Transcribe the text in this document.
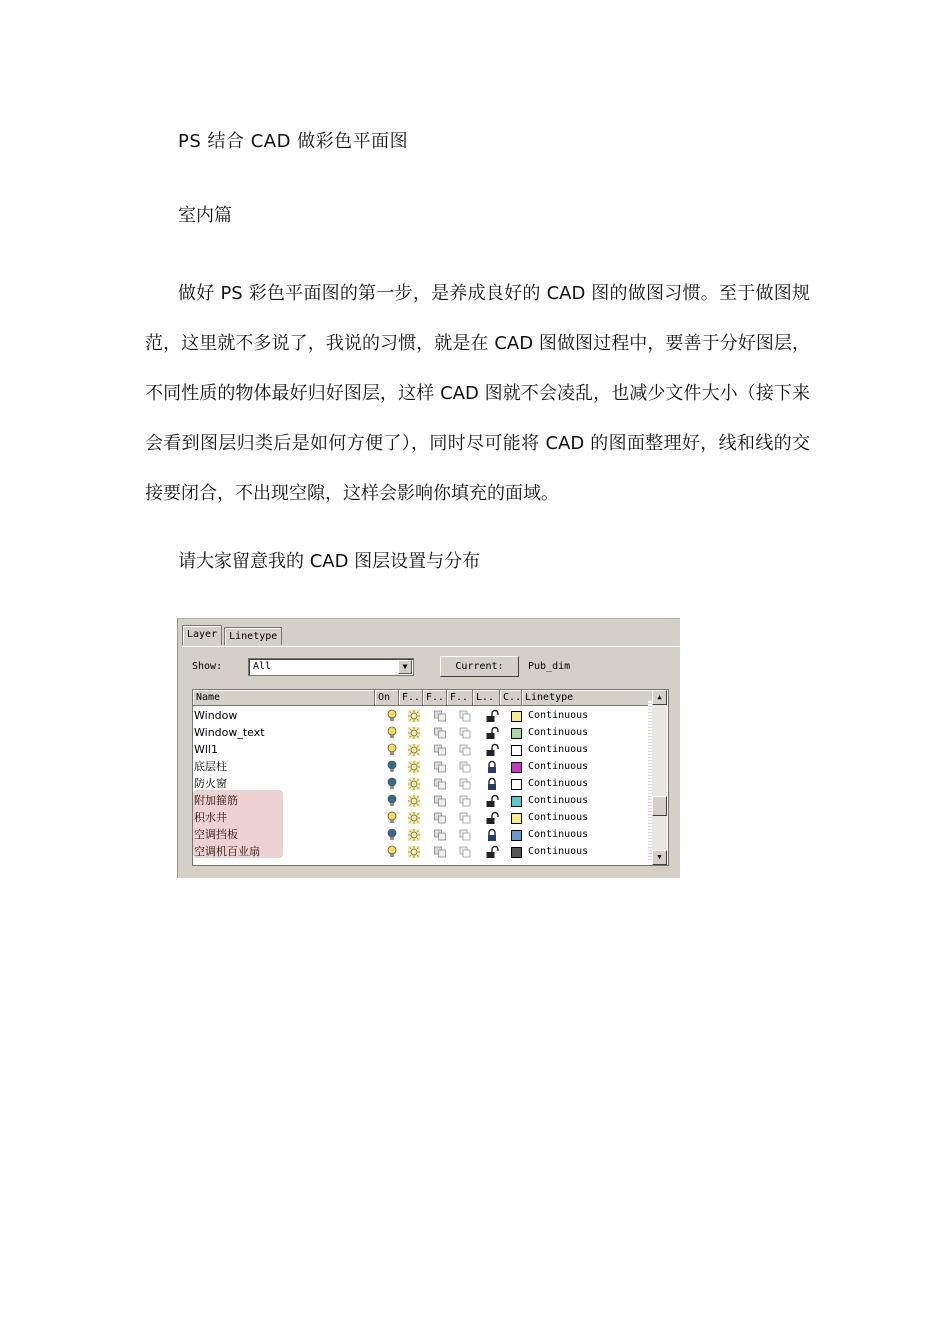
PS 结合 CAD 做彩色平面图
室内篇

做好 PS 彩色平面图的第一步，是养成良好的 CAD 图的做图习惯。至于做图规范，这里就不多说了，我说的习惯，就是在 CAD 图做图过程中，要善于分好图层，不同性质的物体最好归好图层，这样 CAD 图就不会凌乱，也减少文件大小（接下来会看到图层归类后是如何方便了），同时尽可能将 CAD 的图面整理好，线和线的交接要闭合，不出现空隙，这样会影响你填充的面域。

请大家留意我的 CAD 图层设置与分布
Layer	Linetype
Show:	All	▼	Current:	Pub_dim
Name	On	F.. F.. F.. L.. C.. Linetype
Window	Continuous
Window_text	Continuous
Wll1	Continuous
底层柱	Continuous
防火窗	Continuous
附加箍筋	Continuous
积水井	Continuous
空调挡板	Continuous
空调机百业扇	Continuous
▲
▼
